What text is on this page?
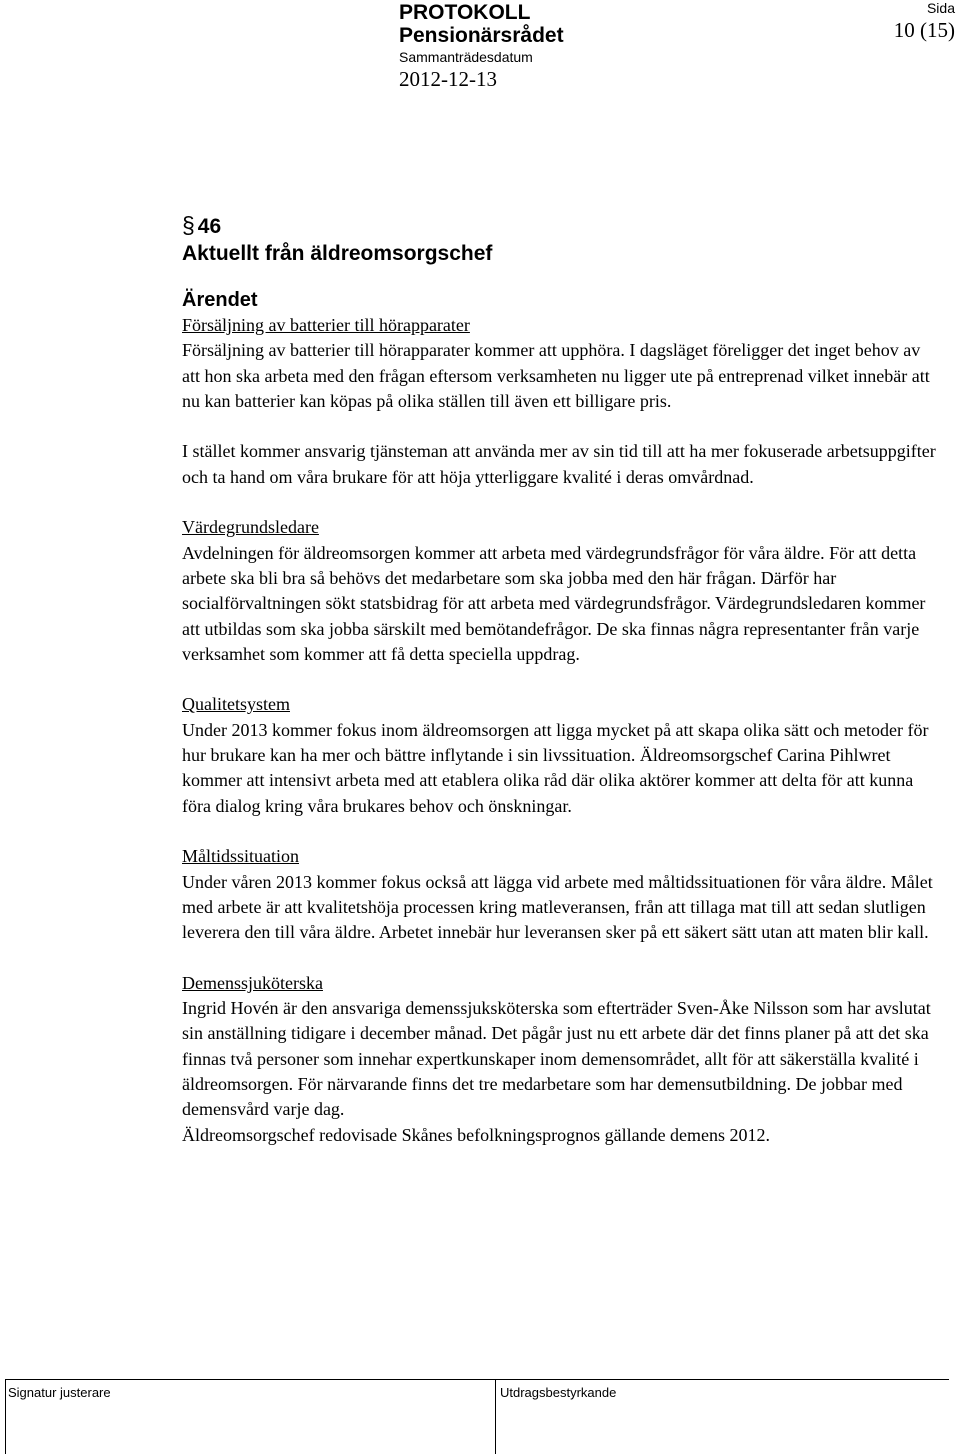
PROTOKOLL
Pensionärsrådet
Sammanträdesdatum
2012-12-13
Sida
10 (15)
§ 46
Aktuellt från äldreomsorgschef
Ärendet

Försäljning av batterier till hörapparater

Försäljning av batterier till hörapparater kommer att upphöra. I dagsläget föreligger det inget behov av att hon ska arbeta med den frågan eftersom verksamheten nu ligger ute på entreprenad vilket innebär att nu kan batterier kan köpas på olika ställen till även ett billigare pris.

I stället kommer ansvarig tjänsteman att använda mer av sin tid till att ha mer fokuserade arbetsuppgifter och ta hand om våra brukare för att höja ytterliggare kvalité i deras omvårdnad.

Värdegrundsledare

Avdelningen för äldreomsorgen kommer att arbeta med värdegrundsfrågor för våra äldre. För att detta arbete ska bli bra så behövs det medarbetare som ska jobba med den här frågan. Därför har socialförvaltningen sökt statsbidrag för att arbeta med värdegrundsfrågor. Värdegrundsledaren kommer att utbildas som ska jobba särskilt med bemötandefrågor. De ska finnas några representanter från varje verksamhet som kommer att få detta speciella uppdrag.

Qualitetsystem

Under 2013 kommer fokus inom äldreomsorgen att ligga mycket på att skapa olika sätt och metoder för hur brukare kan ha mer och bättre inflytande i sin livssituation. Äldreomsorgschef Carina Pihlwret kommer att intensivt arbeta med att etablera olika råd där olika aktörer kommer att delta för att kunna föra dialog kring våra brukares behov och önskningar.

Måltidssituation

Under våren 2013 kommer fokus också att lägga vid arbete med måltidssituationen för våra äldre. Målet med arbete är att kvalitetshöja processen kring matleveransen, från att tillaga mat till att sedan slutligen leverera den till våra äldre. Arbetet innebär hur leveransen sker på ett säkert sätt utan att maten blir kall.

Demenssjuköterska

Ingrid Hovén är den ansvariga demenssjuksköterska som efterträder Sven-Åke Nilsson som har avslutat sin anställning tidigare i december månad. Det pågår just nu ett arbete där det finns planer på att det ska finnas två personer som innehar expertkunskaper inom demensområdet, allt för att säkerställa kvalité i äldreomsorgen. För närvarande finns det tre medarbetare som har demensutbildning. De jobbar med demensvård varje dag.

Äldreomsorgschef redovisade Skånes befolkningsprognos gällande demens 2012.

Signatur justerare	Utdragsbestyrkande
